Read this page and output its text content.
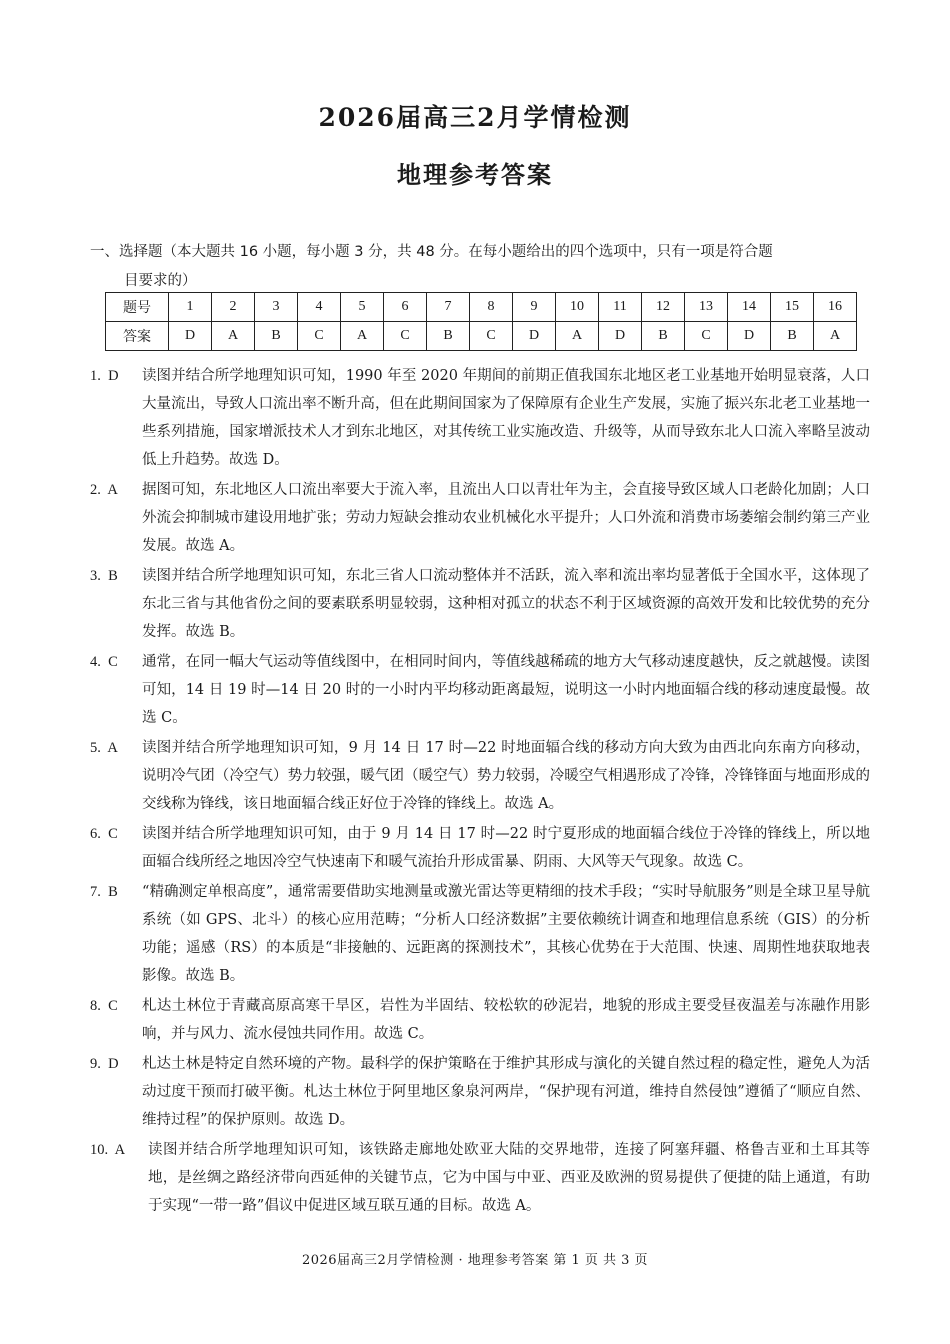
2026届高三2月学情检测
地理参考答案
一、选择题（本大题共 16 小题，每小题 3 分，共 48 分。在每小题给出的四个选项中，只有一项是符合题
目要求的）
题号	1	2	3	4	5	6	7	8	9	10	11	12	13	14	15	16
答案	D	A	B	C	A	C	B	C	D	A	D	B	C	D	B	A
1.  D 读图并结合所学地理知识可知，1990 年至 2020 年期间的前期正值我国东北地区老工业基地开始明显衰落，人口大量流出，导致人口流出率不断升高，但在此期间国家为了保障原有企业生产发展，实施了振兴东北老工业基地一些系列措施，国家增派技术人才到东北地区，对其传统工业实施改造、升级等，从而导致东北人口流入率略呈波动低上升趋势。故选 D。
2.  A 据图可知，东北地区人口流出率要大于流入率，且流出人口以青壮年为主，会直接导致区域人口老龄化加剧；人口外流会抑制城市建设用地扩张；劳动力短缺会推动农业机械化水平提升；人口外流和消费市场萎缩会制约第三产业发展。故选 A。
3.  B 读图并结合所学地理知识可知，东北三省人口流动整体并不活跃，流入率和流出率均显著低于全国水平，这体现了东北三省与其他省份之间的要素联系明显较弱，这种相对孤立的状态不利于区域资源的高效开发和比较优势的充分发挥。故选 B。
4.  C 通常，在同一幅大气运动等值线图中，在相同时间内，等值线越稀疏的地方大气移动速度越快，反之就越慢。读图可知，14 日 19 时—14 日 20 时的一小时内平均移动距离最短，说明这一小时内地面辐合线的移动速度最慢。故选 C。
5.  A 读图并结合所学地理知识可知，9 月 14 日 17 时—22 时地面辐合线的移动方向大致为由西北向东南方向移动，说明冷气团（冷空气）势力较强，暖气团（暖空气）势力较弱，冷暖空气相遇形成了冷锋，冷锋锋面与地面形成的交线称为锋线，该日地面辐合线正好位于冷锋的锋线上。故选 A。
6.  C 读图并结合所学地理知识可知，由于 9 月 14 日 17 时—22 时宁夏形成的地面辐合线位于冷锋的锋线上，所以地面辐合线所经之地因冷空气快速南下和暖气流抬升形成雷暴、阴雨、大风等天气现象。故选 C。
7.  B “精确测定单根高度”，通常需要借助实地测量或激光雷达等更精细的技术手段；“实时导航服务”则是全球卫星导航系统（如 GPS、北斗）的核心应用范畴；“分析人口经济数据”主要依赖统计调查和地理信息系统（GIS）的分析功能；遥感（RS）的本质是“非接触的、远距离的探测技术”，其核心优势在于大范围、快速、周期性地获取地表影像。故选 B。
8.  C 札达土林位于青藏高原高寒干旱区，岩性为半固结、较松软的砂泥岩，地貌的形成主要受昼夜温差与冻融作用影响，并与风力、流水侵蚀共同作用。故选 C。
9.  D 札达土林是特定自然环境的产物。最科学的保护策略在于维护其形成与演化的关键自然过程的稳定性，避免人为活动过度干预而打破平衡。札达土林位于阿里地区象泉河两岸，“保护现有河道，维持自然侵蚀”遵循了“顺应自然、维持过程”的保护原则。故选 D。
10.  A 读图并结合所学地理知识可知，该铁路走廊地处欧亚大陆的交界地带，连接了阿塞拜疆、格鲁吉亚和土耳其等地，是丝绸之路经济带向西延伸的关键节点，它为中国与中亚、西亚及欧洲的贸易提供了便捷的陆上通道，有助于实现“一带一路”倡议中促进区域互联互通的目标。故选 A。
2026届高三2月学情检测 · 地理参考答案 第 1 页 共 3 页
